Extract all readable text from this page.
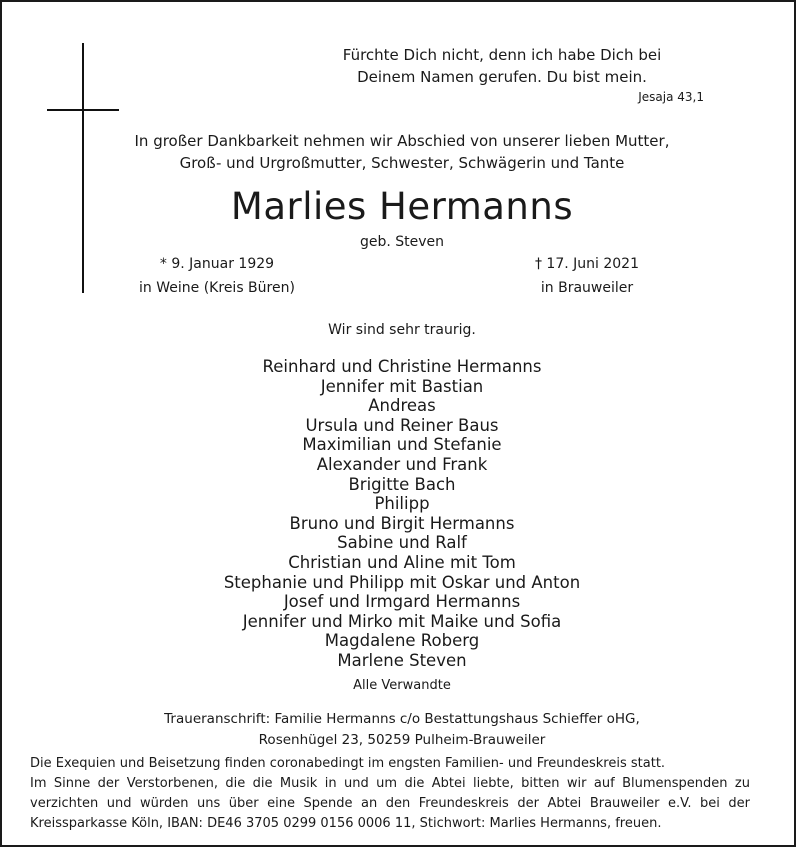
Fürchte Dich nicht, denn ich habe Dich bei
Deinem Namen gerufen. Du bist mein.
Jesaja 43,1
In großer Dankbarkeit nehmen wir Abschied von unserer lieben Mutter,
Groß- und Urgroßmutter, Schwester, Schwägerin und Tante
Marlies Hermanns
geb. Steven
* 9. Januar 1929
in Weine (Kreis Büren)
† 17. Juni 2021
in Brauweiler
Wir sind sehr traurig.
Reinhard und Christine Hermanns
Jennifer mit Bastian
Andreas
Ursula und Reiner Baus
Maximilian und Stefanie
Alexander und Frank
Brigitte Bach
Philipp
Bruno und Birgit Hermanns
Sabine und Ralf
Christian und Aline mit Tom
Stephanie und Philipp mit Oskar und Anton
Josef und Irmgard Hermanns
Jennifer und Mirko mit Maike und Sofia
Magdalene Roberg
Marlene Steven
Alle Verwandte
Traueranschrift: Familie Hermanns c/o Bestattungshaus Schieffer oHG,
Rosenhügel 23, 50259 Pulheim-Brauweiler

Die Exequien und Beisetzung finden coronabedingt im engsten Familien- und Freundeskreis statt.

Im Sinne der Verstorbenen, die die Musik in und um die Abtei liebte, bitten wir auf Blumenspenden zu verzichten und würden uns über eine Spende an den Freundeskreis der Abtei Brauweiler e.V. bei der Kreissparkasse Köln, IBAN: DE46 3705 0299 0156 0006 11, Stichwort: Marlies Hermanns, freuen.
